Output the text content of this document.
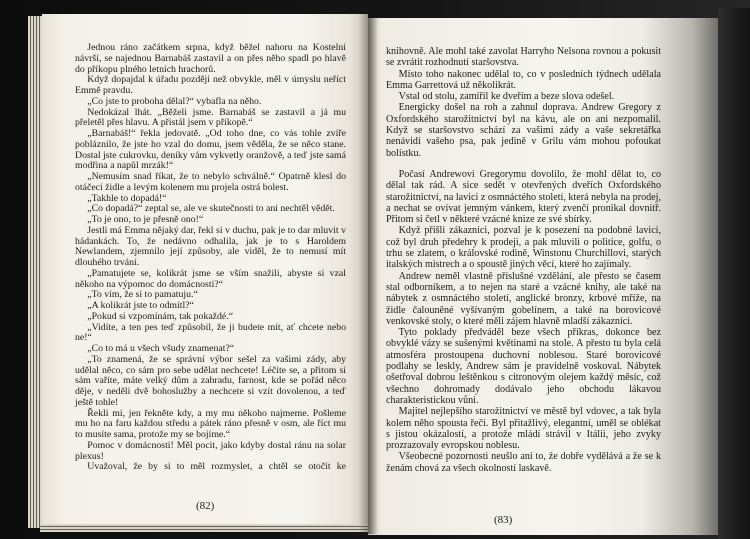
Jednou ráno začátkem srpna, když běžel nahoru na Kostelní návrší, se najednou Barnabáš zastavil a on přes něho spadl po hlavě do příkopu plného letních hrachorů.

Když dopajdal k úřadu později než obvykle, měl v úmyslu neříct Emmě pravdu.

„Co jste to proboha dělal?“ vybafla na něho.

Nedokázal lhát. „Běželi jsme. Barnabáš se zastavil a já mu přeletěl přes hlavu. A přistál jsem v příkopě.“

„Barnabáš!“ řekla jedovatě. „Od toho dne, co vás tohle zvíře pobláznilo, že jste ho vzal do domu, jsem věděla, že se něco stane. Dostal jste cukrovku, deníky vám vykvetly oranžově, a teď jste samá modřina a napůl mrzák!“

„Nemusím snad říkat, že to nebylo schválně.“ Opatrně klesl do otáčecí židle a levým kolenem mu projela ostrá bolest.

„Takhle to dopadá!“

„Co dopadá?“ zeptal se, ale ve skutečnosti to ani nechtěl vědět.

„To je ono, to je přesně ono!“

Jestli má Emma nějaký dar, řekl si v duchu, pak je to dar mluvit v hádankách. To, že nedávno odhalila, jak je to s Haroldem Newlandem, zjemnilo její způsoby, ale viděl, že to nemusí mít dlouhého trvání.

„Pamatujete se, kolikrát jsme se vším snažili, abyste si vzal někoho na výpomoc do domácnosti?“

„To vím, že si to pamatuju.“

„A kolikrát jste to odmítl?“

„Pokud si vzpomínám, tak pokaždé.“

„Vidíte, a ten pes teď způsobil, že ji budete mít, ať chcete nebo ne!“

„Co to má u všech všudy znamenat?“

„To znamená, že se správní výbor sešel za vašimi zády, aby udělal něco, co sám pro sebe udělat nechcete! Léčíte se, a přitom si sám vaříte, máte velký dům a zahradu, farnost, kde se pořád něco děje, v neděli dvě bohoslužby a nechcete si vzít dovolenou, a teď ještě tohle!

Řekli mi, jen řekněte kdy, a my mu někoho najmeme. Pošleme mu ho na faru každou středu a pátek ráno přesně v osm, ale říct mu to musíte sama, protože my se bojíme.“

Pomoc v domácnosti! Měl pocit, jako kdyby dostal ránu na solar plexus!

Uvažoval, že by si to měl rozmyslet, a chtěl se otočit ke

(82)

knihovně. Ale mohl také zavolat Harryho Nelsona rovnou a pokusit se zvrátit rozhodnutí staršovstva.

Místo toho nakonec udělal to, co v posledních týdnech udělala Emma Garrettová už několikrát.

Vstal od stolu, zamířil ke dveřím a beze slova odešel.

Energicky došel na roh a zahnul doprava. Andrew Gregory z Oxfordského starožitnictví byl na kávu, ale on ani nezpomalil. Když se staršovstvo schází za vašimi zády a vaše sekretářka nenávidí vašeho psa, pak jedině v Grilu vám mohou pofoukat bolístku.

Počasí Andrewovi Gregorymu dovolilo, že mohl dělat to, co dělal tak rád. A sice sedět v otevřených dveřích Oxfordského starožitnictví, na lavici z osmnáctého století, která nebyla na prodej, a nechat se ovívat jemným vánkem, který zvenčí pronikal dovnitř. Přitom si četl v některé vzácné knize ze své sbírky.

Když přišli zákazníci, pozval je k posezení na podobné lavici, což byl druh předehry k prodeji, a pak mluvili o politice, golfu, o trhu se zlatem, o královské rodině, Winstonu Churchillovi, starých italských mistrech a o spoustě jiných věcí, které ho zajímaly.

Andrew neměl vlastně příslušné vzdělání, ale přesto se časem stal odborníkem, a to nejen na staré a vzácné knihy, ale také na nábytek z osmnáctého století, anglické bronzy, krbové mříže, na židle čalouněné vyšívaným gobelínem, a také na borovicové venkovské stoly, o které měli zájem hlavně mladší zákazníci.

Tyto poklady předváděl beze všech příkras, dokonce bez obvyklé vázy se sušenými květinami na stole. A přesto tu byla celá atmosféra prostoupena duchovní noblesou. Staré borovicové podlahy se leskly, Andrew sám je pravidelně voskoval. Nábytek ošetřoval dobrou leštěnkou s citronovým olejem každý měsíc, což všechno dohromady dodávalo jeho obchodu lákavou charakteristickou vůni.

Majitel nejlepšího starožitnictví ve městě byl vdovec, a tak byla kolem něho spousta řečí. Byl přitažlivý, elegantní, uměl se oblékat s jistou okázalostí, a protože mládí strávil v Itálii, jeho zvyky prozrazovaly evropskou noblesu.

Všeobecné pozornosti neušlo ani to, že dobře vydělává a že se k ženám chová za všech okolností laskavě.

(83)
